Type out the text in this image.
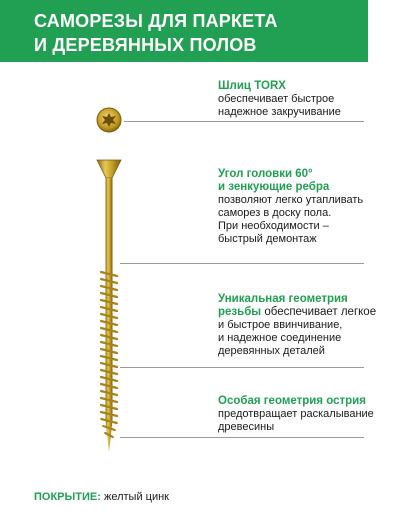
САМОРЕЗЫ ДЛЯ ПАРКЕТА
И ДЕРЕВЯННЫХ ПОЛОВ
Шлиц TORX
обеспечивает быстрое
надежное закручивание
Угол головки 60°
и зенкующие ребра
позволяют легко утапливать
саморез в доску пола.
При необходимости –
быстрый демонтаж
Уникальная геометрия
резьбы обеспечивает легкое
и быстрое ввинчивание,
и надежное соединение
деревянных деталей
Особая геометрия острия
предотвращает раскалывание
древесины
ПОКРЫТИЕ: желтый цинк
